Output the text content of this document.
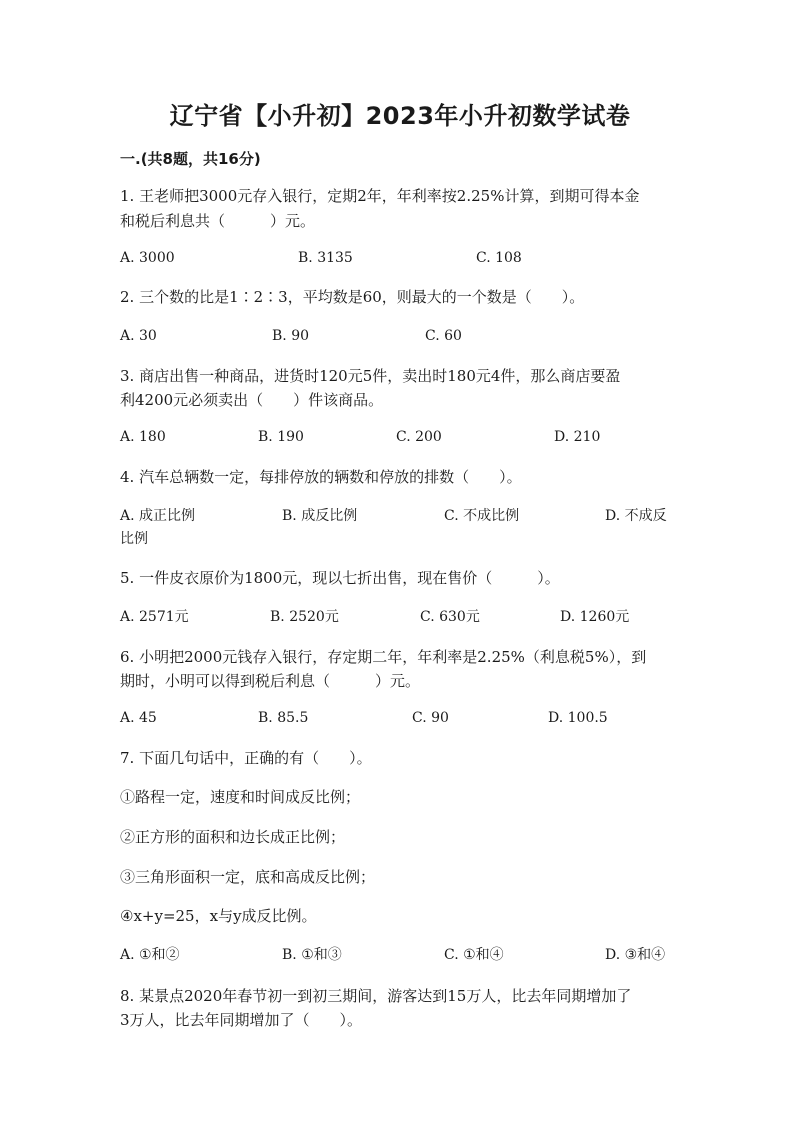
辽宁省【小升初】2023年小升初数学试卷
一.(共8题，共16分)
1. 王老师把3000元存入银行，定期2年，年利率按2.25%计算，到期可得本金
和税后利息共（　　　）元。
A. 3000	B. 3135	C. 108
2. 三个数的比是1∶2∶3，平均数是60，则最大的一个数是（　　）。
A. 30	B. 90	C. 60
3. 商店出售一种商品，进货时120元5件，卖出时180元4件，那么商店要盈
利4200元必须卖出（　　）件该商品。
A. 180	B. 190	C. 200	D. 210
4. 汽车总辆数一定，每排停放的辆数和停放的排数（　　）。
A. 成正比例	B. 成反比例	C. 不成比例	D. 不成反
比例
5. 一件皮衣原价为1800元，现以七折出售，现在售价（　　　）。
A. 2571元	B. 2520元	C. 630元	D. 1260元
6. 小明把2000元钱存入银行，存定期二年，年利率是2.25%（利息税5%），到
期时，小明可以得到税后利息（　　　）元。
A. 45	B. 85.5	C. 90	D. 100.5
7. 下面几句话中，正确的有（　　）。
①路程一定，速度和时间成反比例；
②正方形的面积和边长成正比例；
③三角形面积一定，底和高成反比例；
④x+y=25，x与y成反比例。
A. ①和②	B. ①和③	C. ①和④	D. ③和④
8. 某景点2020年春节初一到初三期间，游客达到15万人，比去年同期增加了
3万人，比去年同期增加了（　　）。
